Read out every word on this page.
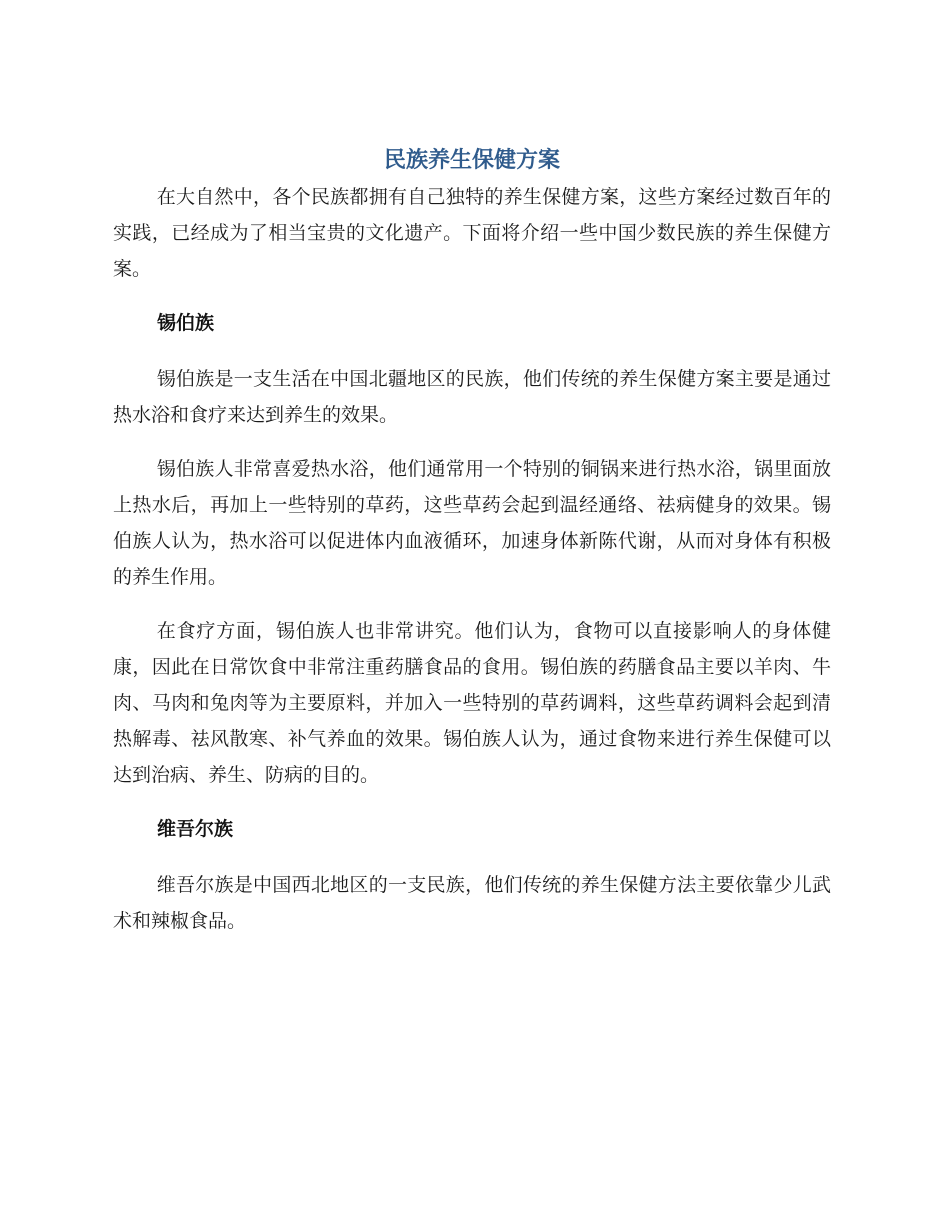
民族养生保健方案

在大自然中，各个民族都拥有自己独特的养生保健方案，这些方案经过数百年的实践，已经成为了相当宝贵的文化遗产。下面将介绍一些中国少数民族的养生保健方案。

锡伯族

锡伯族是一支生活在中国北疆地区的民族，他们传统的养生保健方案主要是通过热水浴和食疗来达到养生的效果。

锡伯族人非常喜爱热水浴，他们通常用一个特别的铜锅来进行热水浴，锅里面放上热水后，再加上一些特别的草药，这些草药会起到温经通络、祛病健身的效果。锡伯族人认为，热水浴可以促进体内血液循环，加速身体新陈代谢，从而对身体有积极的养生作用。

在食疗方面，锡伯族人也非常讲究。他们认为，食物可以直接影响人的身体健康，因此在日常饮食中非常注重药膳食品的食用。锡伯族的药膳食品主要以羊肉、牛肉、马肉和兔肉等为主要原料，并加入一些特别的草药调料，这些草药调料会起到清热解毒、祛风散寒、补气养血的效果。锡伯族人认为，通过食物来进行养生保健可以达到治病、养生、防病的目的。

维吾尔族

维吾尔族是中国西北地区的一支民族，他们传统的养生保健方法主要依靠少儿武术和辣椒食品。
